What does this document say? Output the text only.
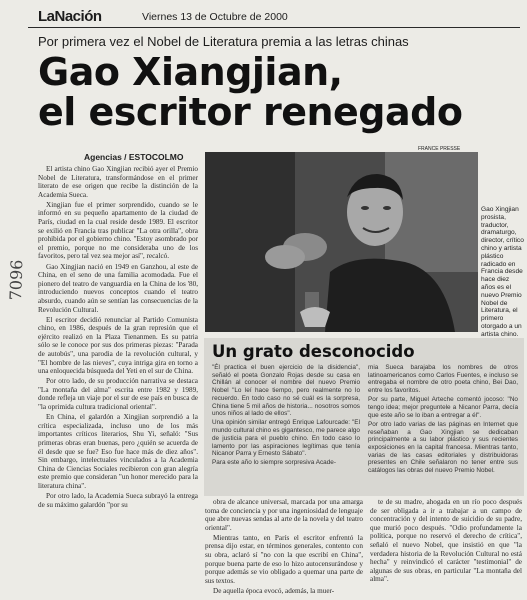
LaNación	Viernes 13 de Octubre de 2000
Por primera vez el Nobel de Literatura premia a las letras chinas
Gao Xiangjian,
el escritor renegado
7096
Agencias / ESTOCOLMO

El artista chino Gao Xingjian recibió ayer el Premio Nobel de Literatura, transformándose en el primer literato de ese origen que recibe la distinción de la Academia Sueca.

Xingjian fue el primer sorprendido, cuando se le informó en su pequeño apartamento de la ciudad de París, ciudad en la cual reside desde 1989. El escritor se exilió en Francia tras publicar "La otra orilla", obra prohibida por el gobierno chino. "Estoy asombrado por el premio, porque no me consideraba uno de los favoritos, pero tal vez sea mejor así", recalcó.

Gao Xingjian nació en 1949 en Ganzhou, al este de China, en el seno de una familia acomodada. Fue el pionero del teatro de vanguardia en la China de los '80, introduciendo nuevos conceptos cuando el teatro absurdo, cuando aún se sentían las consecuencias de la Revolución Cultural.

El escritor decidió renunciar al Partido Comunista chino, en 1986, después de la gran represión que el ejército realizó en la Plaza Tienanmen. Es su patria sólo se le conoce por sus dos primeras piezas: "Parada de autobús", una parodia de la revolución cultural, y "El hombre de las nieves", cuya intriga gira en torno a una enloquecida búsqueda del Yeti en el sur de China.

Por otro lado, de su producción narrativa se destaca "La montaña del alma" escrita entre 1982 y 1989, donde refleja un viaje por el sur de ese país en busca de "la oprimida cultura tradicional oriental".

En China, el galardón a Xingjian sorprendió a la crítica especializada, incluso uno de los más importantes críticos literarios, Shu Yi, señaló: "Sus primeras obras eran buenas, pero ¿quién se acuerda de él desde que se fue? Eso fue hace más de diez años". Sin embargo, intelectuales vinculados a la Academia China de Ciencias Sociales recibieron con gran alegría este premio que consideran "un honor merecido para la literatura china".

Por otro lado, la Academia Sueca subrayó la entrega de su máximo galardón "por su

FRANCE PRESSE
Gao Xingjian prosista, traductor, dramaturgo, director, crítico chino y artista plástico radicado en Francia desde hace diez años es el nuevo Premio Nobel de Literatura, el primero otorgado a un artista chino.
Un grato desconocido

"Él practica el buen ejercicio de la disidencia", señaló el poeta Gonzalo Rojas desde su casa en Chillán al conocer el nombre del nuevo Premio Nobel "Lo leí hace tiempo, pero realmente no lo recuerdo. En todo caso no sé cuál es la sorpresa, China tiene 5 mil años de historia... nosotros somos unos niños al lado de ellos".

Una opinión similar entregó Enrique Lafourcade: "El mundo cultural chino es gigantesco, me parece algo de justicia para el pueblo chino. En todo caso lo lamento por las aspiraciones legítimas que tenía Nicanor Parra y Ernesto Sábato".

Para este año lo siempre sorpresiva Acade-

mia Sueca barajaba los nombres de otros latinoamericanos como Carlos Fuentes, e incluso se entregaba el nombre de otro poeta chino, Bei Dao, entre los favoritos.

Por su parte, Miguel Arteche comentó jocoso: "No tengo idea; mejor preguntele a Nicanor Parra, decía que este año se lo iban a entregar a él".

Por otro lado varias de las páginas en Internet que reseñaban a Gao Xingjian se dedicaban principalmente a su labor plástico y sus recientes exposiciones en la capital francesa. Mientras tanto, varias de las casas editoriales y distribuidoras presentes en Chile señalaron no tener entre sus catálogos las obras del nuevo Premio Nobel.

obra de alcance universal, marcada por una amarga toma de conciencia y por una ingeniosidad de lenguaje que abre nuevas sendas al arte de la novela y del teatro oriental".

Mientras tanto, en París el escritor enfrentó la prensa dijo estar, en términos generales, contento con su obra, aclaró sí "no con la que escribí en China", porque buena parte de eso lo hizo autocensurándose y porque además se vio obligado a quemar una parte de sus textos.

De aquella época evocó, además, la muer-

te de su madre, ahogada en un río poco después de ser obligada a ir a trabajar a un campo de concentración y del intento de suicidio de su padre, que murió poco después. "Odio profundamente la política, porque no reservó el derecho de crítica", señaló el nuevo Nobel, que insistió en que "la verdadera historia de la Revolución Cultural no está hecha" y reinvindicó el carácter "testimonial" de algunas de sus obras, en particular "La montaña del alma".
